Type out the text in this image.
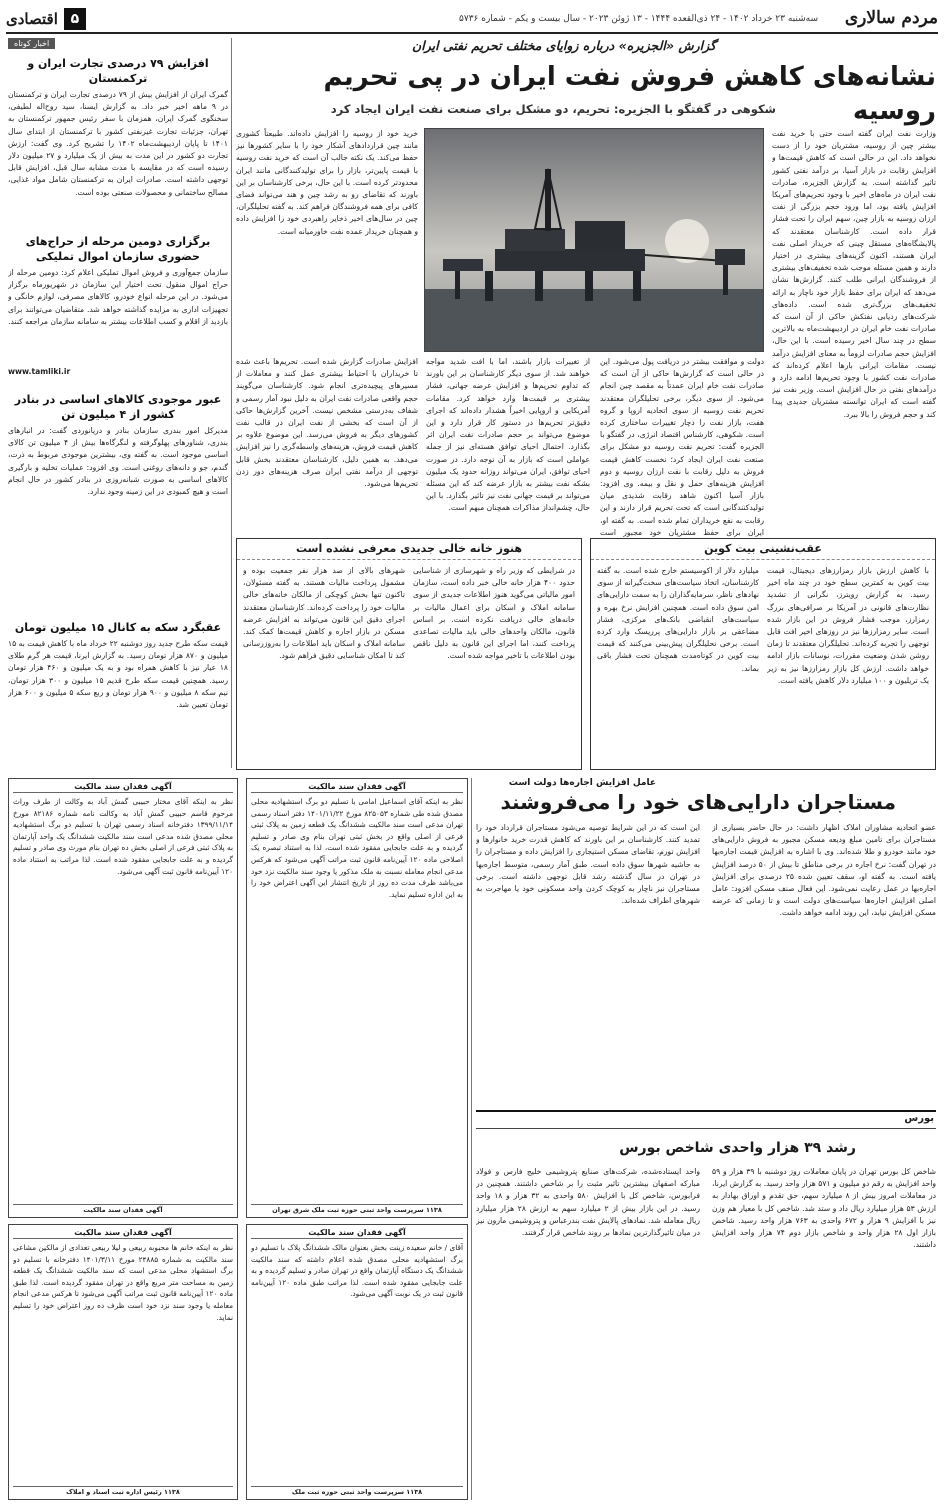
مردم سالاری
سه‌شنبه ۲۳ خرداد ۱۴۰۲ - ۲۴ ذی‌القعده ۱۴۴۴ - ۱۳ ژوئن ۲۰۲۳ - سال بیست و یکم - شماره ۵۷۳۶
۵
اقتصادی
اخبار کوتاه
افزایش ۷۹ درصدی تجارت ایران و ترکمنستان
گمرک ایران از افزایش بیش از ۷۹ درصدی تجارت ایران و ترکمنستان در ۹ ماهه اخیر خبر داد. به گزارش ایسنا، سید روح‌اله لطیفی، سخنگوی گمرک ایران، همزمان با سفر رئیس جمهور ترکمنستان به تهران، جزئیات تجارت غیرنفتی کشور با ترکمنستان از ابتدای سال ۱۴۰۱ تا پایان اردیبهشت‌ماه ۱۴۰۲ را تشریح کرد. وی گفت: ارزش تجارت دو کشور در این مدت به بیش از یک میلیارد و ۲۷ میلیون دلار رسیده است که در مقایسه با مدت مشابه سال قبل، افزایش قابل توجهی داشته است. صادرات ایران به ترکمنستان شامل مواد غذایی، مصالح ساختمانی و محصولات صنعتی بوده است.
برگزاری دومین مرحله از حراج‌های حضوری سازمان اموال تملیکی
سازمان جمع‌آوری و فروش اموال تملیکی اعلام کرد: دومین مرحله از حراج اموال منقول تحت اختیار این سازمان در شهریورماه برگزار می‌شود. در این مرحله انواع خودرو، کالاهای مصرفی، لوازم خانگی و تجهیزات اداری به مزایده گذاشته خواهد شد. متقاضیان می‌توانند برای بازدید از اقلام و کسب اطلاعات بیشتر به سامانه سازمان مراجعه کنند.
www.tamliki.ir
عبور موجودی کالاهای اساسی در بنادر کشور از ۴ میلیون تن
مدیرکل امور بندری سازمان بنادر و دریانوردی گفت: در انبارهای بندری، شناورهای پهلوگرفته و لنگرگاه‌ها بیش از ۴ میلیون تن کالای اساسی موجود است. به گفته وی، بیشترین موجودی مربوط به ذرت، گندم، جو و دانه‌های روغنی است. وی افزود: عملیات تخلیه و بارگیری کالاهای اساسی به صورت شبانه‌روزی در بنادر کشور در حال انجام است و هیچ کمبودی در این زمینه وجود ندارد.
عقبگرد سکه به کانال ۱۵ میلیون تومان
قیمت سکه طرح جدید روز دوشنبه ۲۲ خرداد ماه با کاهش قیمت به ۱۵ میلیون و ۸۷۰ هزار تومان رسید. به گزارش ایرنا، قیمت هر گرم طلای ۱۸ عیار نیز با کاهش همراه بود و به یک میلیون و ۴۶۰ هزار تومان رسید. همچنین قیمت سکه طرح قدیم ۱۵ میلیون و ۳۰۰ هزار تومان، نیم سکه ۸ میلیون و ۹۰۰ هزار تومان و ربع سکه ۵ میلیون و ۶۰۰ هزار تومان تعیین شد.
گزارش «الجزیره» درباره زوایای مختلف تحریم نفتی ایران
نشانه‌های کاهش فروش نفت ایران در پی تحریم روسیه
شکوهی در گفتگو با الجزیره: تحریم، دو مشکل برای صنعت نفت ایران ایجاد کرد
وزارت نفت ایران گفته است حتی با خرید نفت بیشتر چین از روسیه، مشتریان خود را از دست نخواهد داد. این در حالی است که کاهش قیمت‌ها و افزایش رقابت در بازار آسیا، بر درآمد نفتی کشور تاثیر گذاشته است. به گزارش الجزیره، صادرات نفت ایران در ماه‌های اخیر با وجود تحریم‌های آمریکا افزایش یافته بود، اما ورود حجم بزرگی از نفت ارزان روسیه به بازار چین، سهم ایران را تحت فشار قرار داده است. کارشناسان معتقدند که پالایشگاه‌های مستقل چینی که خریدار اصلی نفت ایران هستند، اکنون گزینه‌های بیشتری در اختیار دارند و همین مسئله موجب شده تخفیف‌های بیشتری از فروشندگان ایرانی طلب کنند. گزارش‌ها نشان می‌دهد که ایران برای حفظ بازار خود ناچار به ارائه تخفیف‌های بزرگ‌تری شده است. داده‌های شرکت‌های ردیابی نفتکش حاکی از آن است که صادرات نفت خام ایران در اردیبهشت‌ماه به بالاترین سطح در چند سال اخیر رسیده است. با این حال، افزایش حجم صادرات لزوماً به معنای افزایش درآمد نیست. مقامات ایرانی بارها اعلام کرده‌اند که صادرات نفت کشور با وجود تحریم‌ها ادامه دارد و درآمدهای نفتی در حال افزایش است. وزیر نفت نیز گفته است که ایران توانسته مشتریان جدیدی پیدا کند و حجم فروش را بالا ببرد.
دولت و موافقت بیشتر در دریافت پول می‌شود. این در حالی است که گزارش‌ها حاکی از آن است که صادرات نفت خام ایران عمدتاً به مقصد چین انجام می‌شود. از سوی دیگر، برخی تحلیلگران معتقدند تحریم نفت روسیه از سوی اتحادیه اروپا و گروه هفت، بازار نفت را دچار تغییرات ساختاری کرده است. شکوهی، کارشناس اقتصاد انرژی، در گفتگو با الجزیره گفت: تحریم نفت روسیه دو مشکل برای صنعت نفت ایران ایجاد کرد؛ نخست کاهش قیمت فروش به دلیل رقابت با نفت ارزان روسیه و دوم افزایش هزینه‌های حمل و نقل و بیمه. وی افزود: بازار آسیا اکنون شاهد رقابت شدیدی میان تولیدکنندگانی است که تحت تحریم قرار دارند و این رقابت به نفع خریداران تمام شده است. به گفته او، ایران برای حفظ مشتریان خود مجبور است
از تغییرات بازار باشند، اما با افت شدید مواجه خواهند شد. از سوی دیگر کارشناسان بر این باورند که تداوم تحریم‌ها و افزایش عرضه جهانی، فشار بیشتری بر قیمت‌ها وارد خواهد کرد. مقامات آمریکایی و اروپایی اخیراً هشدار داده‌اند که اجرای دقیق‌تر تحریم‌ها در دستور کار قرار دارد و این موضوع می‌تواند بر حجم صادرات نفت ایران اثر بگذارد. احتمال احیای توافق هسته‌ای نیز از جمله عواملی است که بازار به آن توجه دارد. در صورت احیای توافق، ایران می‌تواند روزانه حدود یک میلیون بشکه نفت بیشتر به بازار عرضه کند که این مسئله می‌تواند بر قیمت جهانی نفت نیز تاثیر بگذارد. با این حال، چشم‌انداز مذاکرات همچنان مبهم است.
خرید خود از روسیه را افزایش داده‌اند. طبیعتاً کشوری مانند چین قراردادهای آشکار خود را با سایر کشورها نیز حفظ می‌کند. یک نکته جالب آن است که خرید نفت روسیه با قیمت پایین‌تر، بازار را برای تولیدکنندگانی مانند ایران محدودتر کرده است. با این حال، برخی کارشناسان بر این باورند که تقاضای رو به رشد چین و هند می‌تواند فضای کافی برای همه فروشندگان فراهم کند. به گفته تحلیلگران، چین در سال‌های اخیر ذخایر راهبردی خود را افزایش داده و همچنان خریدار عمده نفت خاورمیانه است.
افزایش صادرات گزارش شده است. تحریم‌ها باعث شده تا خریداران با احتیاط بیشتری عمل کنند و معاملات از مسیرهای پیچیده‌تری انجام شود. کارشناسان می‌گویند حجم واقعی صادرات نفت ایران به دلیل نبود آمار رسمی و شفاف به‌درستی مشخص نیست. آخرین گزارش‌ها حاکی از آن است که بخشی از نفت ایران در قالب نفت کشورهای دیگر به فروش می‌رسد. این موضوع علاوه بر کاهش قیمت فروش، هزینه‌های واسطه‌گری را نیز افزایش می‌دهد. به همین دلیل، کارشناسان معتقدند بخش قابل توجهی از درآمد نفتی ایران صرف هزینه‌های دور زدن تحریم‌ها می‌شود.
عقب‌نشینی بیت کوین
با کاهش ارزش بازار رمزارزهای دیجیتال، قیمت بیت کوین به کمترین سطح خود در چند ماه اخیر رسید. به گزارش رویترز، نگرانی از تشدید نظارت‌های قانونی در آمریکا بر صرافی‌های بزرگ رمزارز، موجب فشار فروش در این بازار شده است. سایر رمزارزها نیز در روزهای اخیر افت قابل توجهی را تجربه کرده‌اند. تحلیلگران معتقدند تا زمان روشن شدن وضعیت مقررات، نوسانات بازار ادامه خواهد داشت. ارزش کل بازار رمزارزها نیز به زیر یک تریلیون و ۱۰۰ میلیارد دلار کاهش یافته است.
میلیارد دلار از اکوسیستم خارج شده است. به گفته کارشناسان، اتخاذ سیاست‌های سخت‌گیرانه از سوی نهادهای ناظر، سرمایه‌گذاران را به سمت دارایی‌های امن سوق داده است. همچنین افزایش نرخ بهره و سیاست‌های انقباضی بانک‌های مرکزی، فشار مضاعفی بر بازار دارایی‌های پرریسک وارد کرده است. برخی تحلیلگران پیش‌بینی می‌کنند که قیمت بیت کوین در کوتاه‌مدت همچنان تحت فشار باقی بماند.
هنوز خانه خالی جدیدی معرفی نشده است
در شرایطی که وزیر راه و شهرسازی از شناسایی حدود ۴۰۰ هزار خانه خالی خبر داده است، سازمان امور مالیاتی می‌گوید هنوز اطلاعات جدیدی از سوی سامانه املاک و اسکان برای اعمال مالیات بر خانه‌های خالی دریافت نکرده است. بر اساس قانون، مالکان واحدهای خالی باید مالیات تصاعدی پرداخت کنند، اما اجرای این قانون به دلیل ناقص بودن اطلاعات با تاخیر مواجه شده است.
شهرهای بالای از صد هزار نفر جمعیت بوده و مشمول پرداخت مالیات هستند. به گفته مسئولان، تاکنون تنها بخش کوچکی از مالکان خانه‌های خالی مالیات خود را پرداخت کرده‌اند. کارشناسان معتقدند اجرای دقیق این قانون می‌تواند به افزایش عرضه مسکن در بازار اجاره و کاهش قیمت‌ها کمک کند. سامانه املاک و اسکان باید اطلاعات را به‌روزرسانی کند تا امکان شناسایی دقیق فراهم شود.
عامل افزایش اجاره‌ها دولت است
مستاجران دارایی‌های خود را می‌فروشند
عضو اتحادیه مشاوران املاک اظهار داشت: در حال حاضر بسیاری از مستاجران برای تامین مبلغ ودیعه مسکن مجبور به فروش دارایی‌های خود مانند خودرو و طلا شده‌اند. وی با اشاره به افزایش قیمت اجاره‌بها در تهران گفت: نرخ اجاره در برخی مناطق تا بیش از ۵۰ درصد افزایش یافته است. به گفته او، سقف تعیین شده ۲۵ درصدی برای افزایش اجاره‌بها در عمل رعایت نمی‌شود. این فعال صنف مسکن افزود: عامل اصلی افزایش اجاره‌ها سیاست‌های دولت است و تا زمانی که عرضه مسکن افزایش نیابد، این روند ادامه خواهد داشت.
این است که در این شرایط توصیه می‌شود مستاجران قرارداد خود را تمدید کنند. کارشناسان بر این باورند که کاهش قدرت خرید خانوارها و افزایش تورم، تقاضای مسکن استیجاری را افزایش داده و مستاجران را به حاشیه شهرها سوق داده است. طبق آمار رسمی، متوسط اجاره‌بها در تهران در سال گذشته رشد قابل توجهی داشته است. برخی مستاجران نیز ناچار به کوچک کردن واحد مسکونی خود یا مهاجرت به شهرهای اطراف شده‌اند.
بورس
رشد ۳۹ هزار واحدی شاخص بورس
شاخص کل بورس تهران در پایان معاملات روز دوشنبه با ۳۹ هزار و ۵۹ واحد افزایش به رقم دو میلیون و ۵۷۱ هزار واحد رسید. به گزارش ایرنا، در معاملات امروز بیش از ۸ میلیارد سهم، حق تقدم و اوراق بهادار به ارزش ۵۳ هزار میلیارد ریال داد و ستد شد. شاخص کل با معیار هم وزن نیز با افزایش ۹ هزار و ۶۷۲ واحدی به ۷۶۳ هزار واحد رسید. شاخص بازار اول ۲۸ هزار واحد و شاخص بازار دوم ۷۴ هزار واحد افزایش داشتند.
واحد ایستاده‌شده، شرکت‌های صنایع پتروشیمی خلیج فارس و فولاد مبارکه اصفهان بیشترین تاثیر مثبت را بر شاخص داشتند. همچنین در فرابورس، شاخص کل با افزایش ۵۸۰ واحدی به ۳۲ هزار و ۱۸ واحد رسید. در این بازار بیش از ۲ میلیارد سهم به ارزش ۲۸ هزار میلیارد ریال معامله شد. نمادهای پالایش نفت بندرعباس و پتروشیمی مارون نیز در میان تاثیرگذارترین نمادها بر روند شاخص قرار گرفتند.
آگهی فقدان سند مالکیت
نظر به اینکه آقای اسماعیل امامی با تسلیم دو برگ استشهادیه محلی مصدق شده طی شماره ۸۲۵۰۵۳ مورخ ۱۴۰۱/۱۱/۲۲ دفتر اسناد رسمی تهران مدعی است سند مالکیت ششدانگ یک قطعه زمین به پلاک ثبتی فرعی از اصلی واقع در بخش ثبتی تهران بنام وی صادر و تسلیم گردیده و به علت جابجایی مفقود شده است، لذا به استناد تبصره یک اصلاحی ماده ۱۲۰ آیین‌نامه قانون ثبت مراتب آگهی می‌شود که هرکس مدعی انجام معامله نسبت به ملک مذکور یا وجود سند مالکیت نزد خود می‌باشد ظرف مدت ده روز از تاریخ انتشار این آگهی اعتراض خود را به این اداره تسلیم نماید.
۱۱۳۸ سرپرست واحد ثبتی حوزه ثبت ملک شرق تهران
آگهی فقدان سند مالکیت
نظر به اینکه آقای مختار حبیبی گمش آباد به وکالت از طرف وراث مرحوم قاسم حبیبی گمش آباد به وکالت نامه شماره ۸۲۱۸۶ مورخ ۱۳۹۹/۱۱/۱۴ دفترخانه اسناد رسمی تهران با تسلیم دو برگ استشهادیه محلی مصدق شده مدعی است سند مالکیت ششدانگ یک واحد آپارتمان به پلاک ثبتی فرعی از اصلی بخش ده تهران بنام مورث وی صادر و تسلیم گردیده و به علت جابجایی مفقود شده است. لذا مراتب به استناد ماده ۱۲۰ آیین‌نامه قانون ثبت آگهی می‌شود.
آگهی فقدان سند مالکیت
آگهی فقدان سند مالکیت
آقای / خانم سعیده زینت بخش بعنوان مالک ششدانگ پلاک با تسلیم دو برگ استشهادیه محلی مصدق شده اعلام داشته که سند مالکیت ششدانگ یک دستگاه آپارتمان واقع در تهران صادر و تسلیم گردیده و به علت جابجایی مفقود شده است. لذا مراتب طبق ماده ۱۲۰ آیین‌نامه قانون ثبت در یک نوبت آگهی می‌شود.
۱۱۳۸ سرپرست واحد ثبتی حوزه ثبت ملک
آگهی فقدان سند مالکیت
نظر به اینکه خانم ها محبوبه ربیعی و لیلا ربیعی تعدادی از مالکین مشاعی سند مالکیت به شماره ۲۴۸۸۵ مورخ ۱۴۰۱/۳/۱۱ دفترخانه با تسلیم دو برگ استشهاد محلی مدعی است که سند مالکیت ششدانگ یک قطعه زمین به مساحت متر مربع واقع در تهران مفقود گردیده است. لذا طبق ماده ۱۲۰ آیین‌نامه قانون ثبت مراتب آگهی می‌شود تا هرکس مدعی انجام معامله یا وجود سند نزد خود است ظرف ده روز اعتراض خود را تسلیم نماید.
۱۱۳۸ رئیس اداره ثبت اسناد و املاک
